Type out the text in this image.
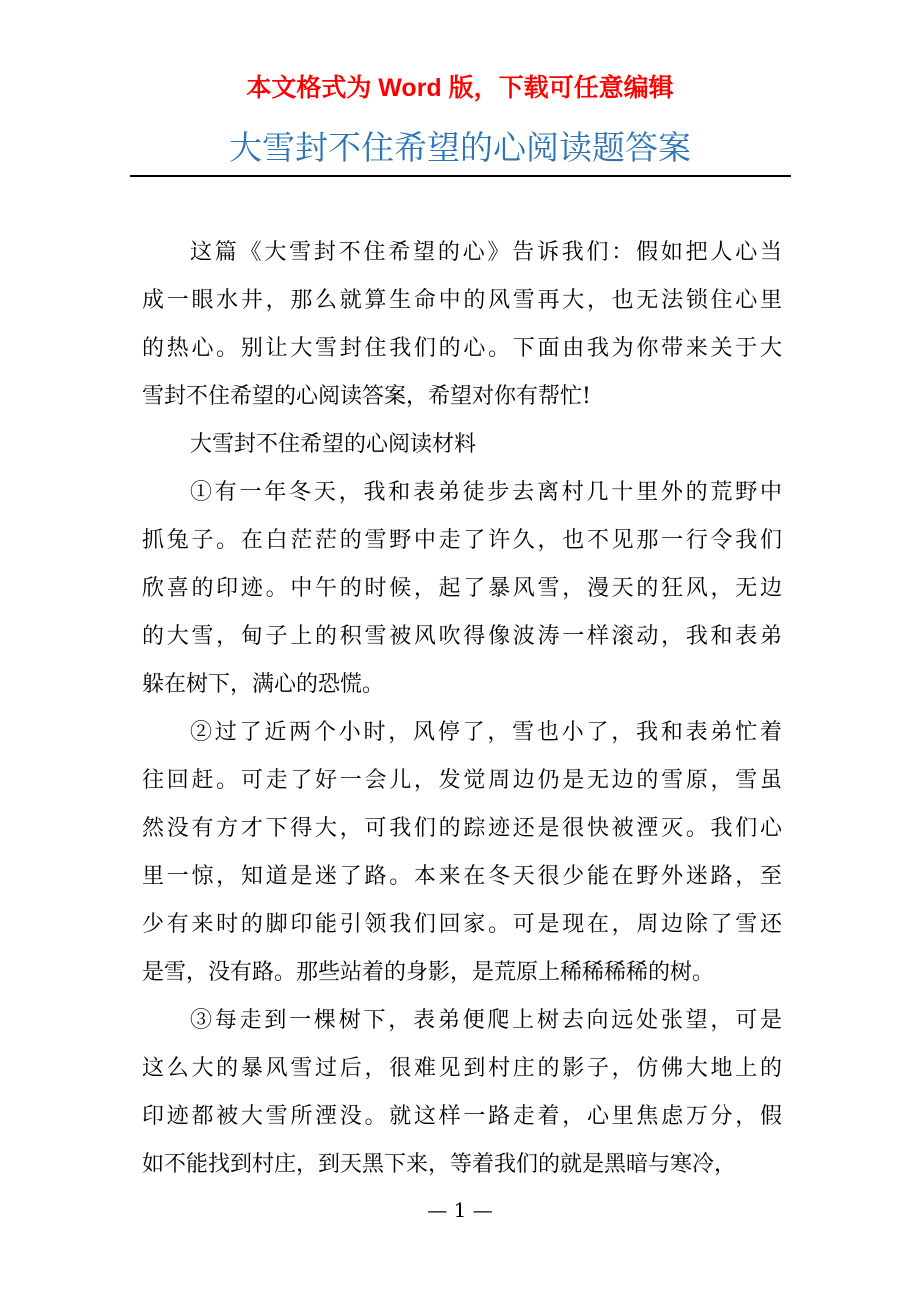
本文格式为 Word 版，下载可任意编辑
大雪封不住希望的心阅读题答案
这篇《大雪封不住希望的心》告诉我们：假如把人心当
成一眼水井，那么就算生命中的风雪再大，也无法锁住心里
的热心。别让大雪封住我们的心。下面由我为你带来关于大
雪封不住希望的心阅读答案，希望对你有帮忙!
大雪封不住希望的心阅读材料
①有一年冬天，我和表弟徒步去离村几十里外的荒野中
抓兔子。在白茫茫的雪野中走了许久，也不见那一行令我们
欣喜的印迹。中午的时候，起了暴风雪，漫天的狂风，无边
的大雪，甸子上的积雪被风吹得像波涛一样滚动，我和表弟
躲在树下，满心的恐慌。
②过了近两个小时，风停了，雪也小了，我和表弟忙着
往回赶。可走了好一会儿，发觉周边仍是无边的雪原，雪虽
然没有方才下得大，可我们的踪迹还是很快被湮灭。我们心
里一惊，知道是迷了路。本来在冬天很少能在野外迷路，至
少有来时的脚印能引领我们回家。可是现在，周边除了雪还
是雪，没有路。那些站着的身影，是荒原上稀稀稀稀的树。
③每走到一棵树下，表弟便爬上树去向远处张望，可是
这么大的暴风雪过后，很难见到村庄的影子，仿佛大地上的
印迹都被大雪所湮没。就这样一路走着，心里焦虑万分，假
如不能找到村庄，到天黑下来，等着我们的就是黑暗与寒冷，
— 1 —
